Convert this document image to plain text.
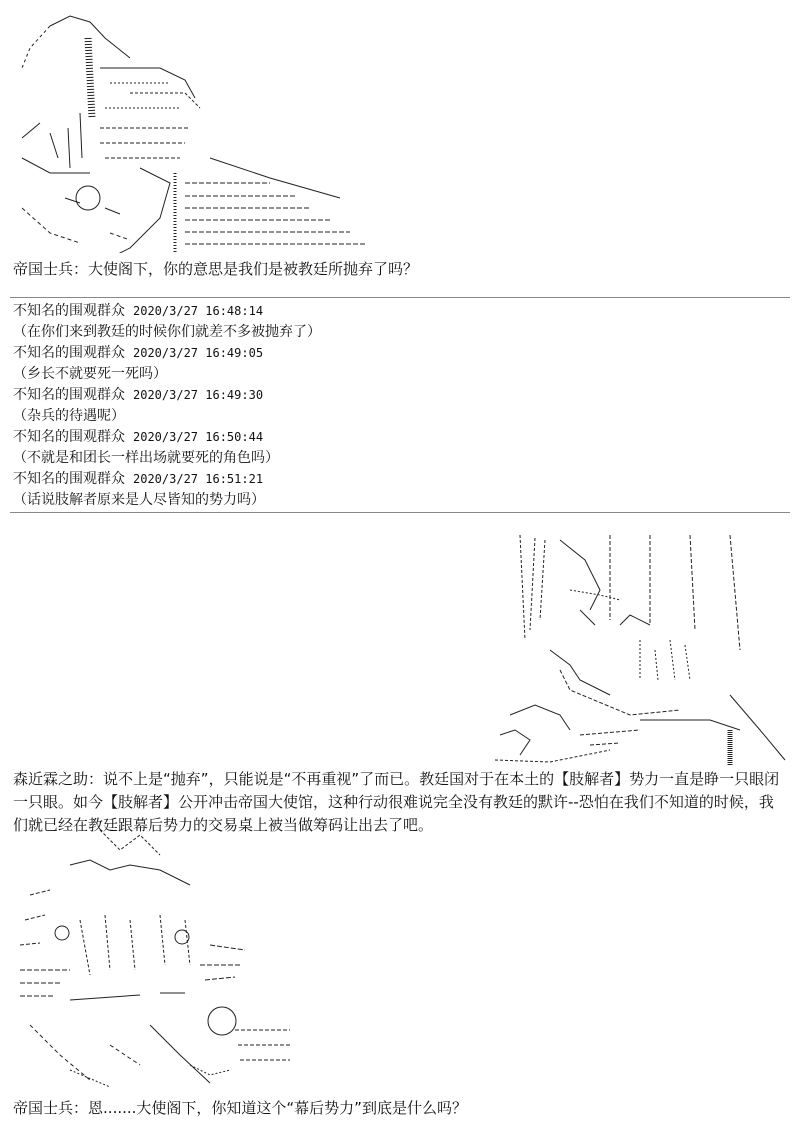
帝国士兵：大使阁下，你的意思是我们是被教廷所抛弃了吗？
不知名的围观群众 2020/3/27 16:48:14
（在你们来到教廷的时候你们就差不多被抛弃了）
不知名的围观群众 2020/3/27 16:49:05
（乡长不就要死一死吗）
不知名的围观群众 2020/3/27 16:49:30
（杂兵的待遇呢）
不知名的围观群众 2020/3/27 16:50:44
（不就是和团长一样出场就要死的角色吗）
不知名的围观群众 2020/3/27 16:51:21
（话说肢解者原来是人尽皆知的势力吗）
森近霖之助：说不上是“抛弃”，只能说是“不再重视”了而已。教廷国对于在本土的【肢解者】势力一直是睁一只眼闭一只眼。如今【肢解者】公开冲击帝国大使馆，这种行动很难说完全没有教廷的默许--恐怕在我们不知道的时候，我们就已经在教廷跟幕后势力的交易桌上被当做筹码让出去了吧。
帝国士兵：恩.......大使阁下，你知道这个“幕后势力”到底是什么吗？
